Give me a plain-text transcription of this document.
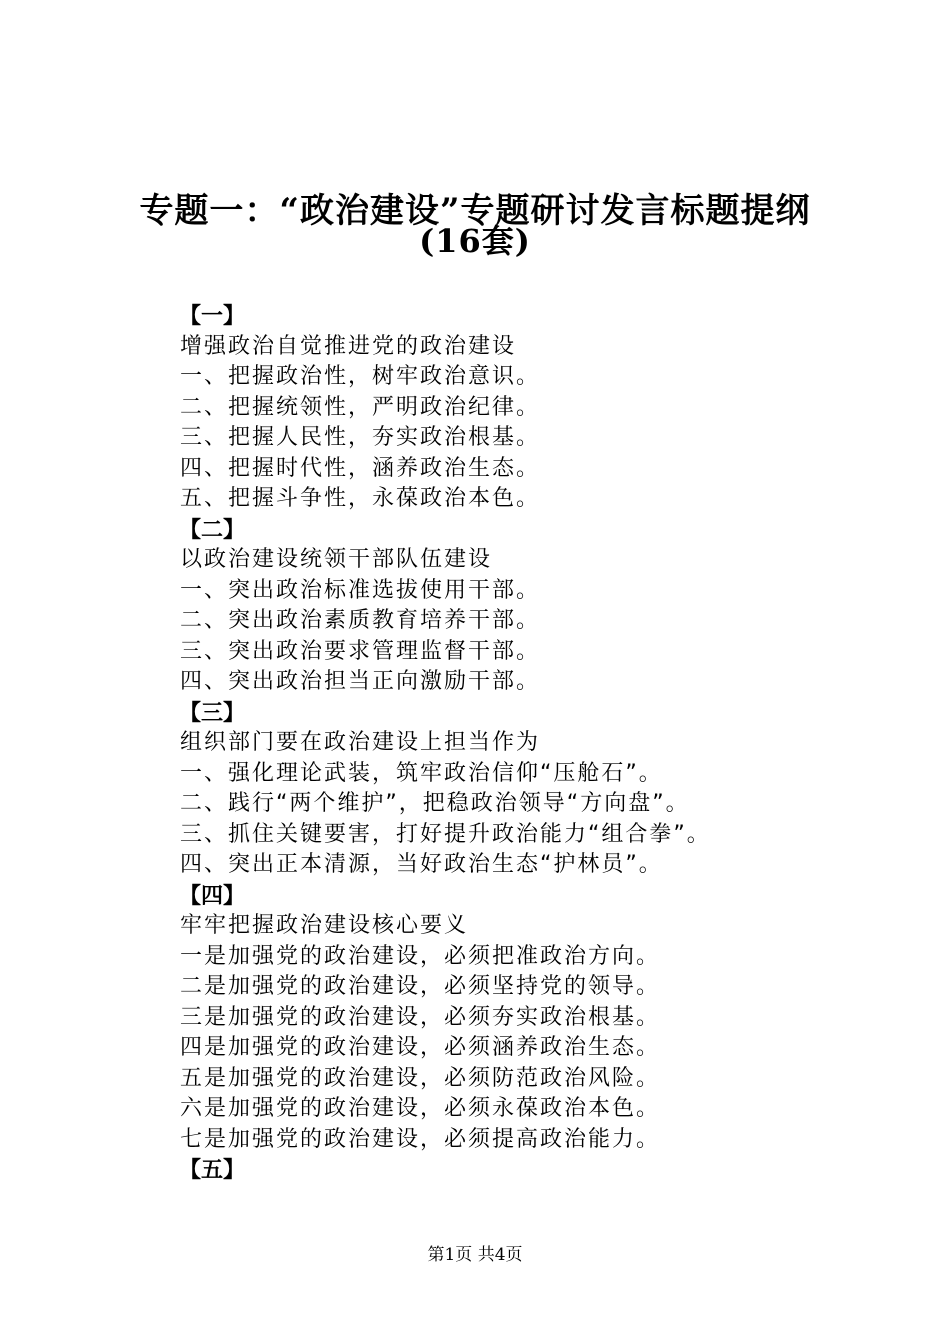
专题一：“政治建设”专题研讨发言标题提纲
(16套)
【一】
增强政治自觉推进党的政治建设
一、把握政治性，树牢政治意识。
二、把握统领性，严明政治纪律。
三、把握人民性，夯实政治根基。
四、把握时代性，涵养政治生态。
五、把握斗争性，永葆政治本色。
【二】
以政治建设统领干部队伍建设
一、突出政治标准选拔使用干部。
二、突出政治素质教育培养干部。
三、突出政治要求管理监督干部。
四、突出政治担当正向激励干部。
【三】
组织部门要在政治建设上担当作为
一、强化理论武装，筑牢政治信仰“压舱石”。
二、践行“两个维护”，把稳政治领导“方向盘”。
三、抓住关键要害，打好提升政治能力“组合拳”。
四、突出正本清源，当好政治生态“护林员”。
【四】
牢牢把握政治建设核心要义
一是加强党的政治建设，必须把准政治方向。
二是加强党的政治建设，必须坚持党的领导。
三是加强党的政治建设，必须夯实政治根基。
四是加强党的政治建设，必须涵养政治生态。
五是加强党的政治建设，必须防范政治风险。
六是加强党的政治建设，必须永葆政治本色。
七是加强党的政治建设，必须提高政治能力。
【五】
第1页 共4页
